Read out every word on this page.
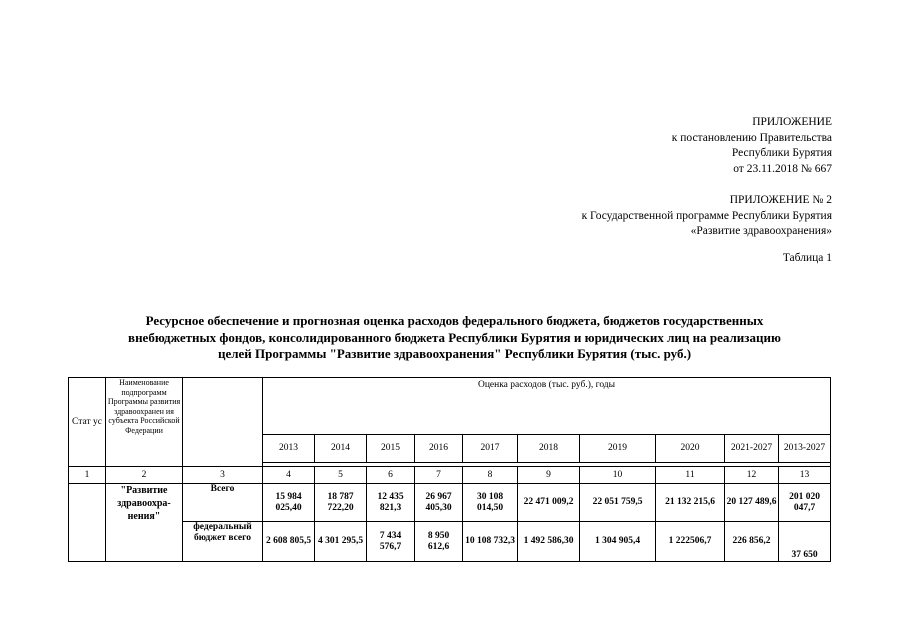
ПРИЛОЖЕНИЕ
к постановлению Правительства
Республики Бурятия
от 23.11.2018 № 667
ПРИЛОЖЕНИЕ № 2
к Государственной программе Республики Бурятия
«Развитие здравоохранения»
Таблица 1
Ресурсное обеспечение и прогнозная оценка расходов федерального бюджета, бюджетов государственных
внебюджетных фондов, консолидированного бюджета Республики Бурятия и юридических лиц на реализацию
целей Программы "Развитие здравоохранения" Республики Бурятия (тыс. руб.)
Стат ус	Наименование подпрограмм Программы развития здравоохранен ия субъекта Российской Федерации		Оценка расходов (тыс. руб.), годы									
			2013	2014	2015	2016	2017	2018	2019	2020	2021-2027	2013-2027

1	2	3	4	5	6	7	8	9	10	11	12	13
	"Развитие здравоохра-нения"	Всего	15 984 025,40	18 787 722,20	12 435 821,3	26 967 405,30	30 108 014,50	22 471 009,2	22 051 759,5	21 132 215,6	20 127 489,6	201 020 047,7
		федеральный бюджет всего	2 608 805,5	4 301 295,5	7 434 576,7	8 950 612,6	10 108 732,3	1 492 586,30	1 304 905,4	1 222506,7	226 856,2	37 650
